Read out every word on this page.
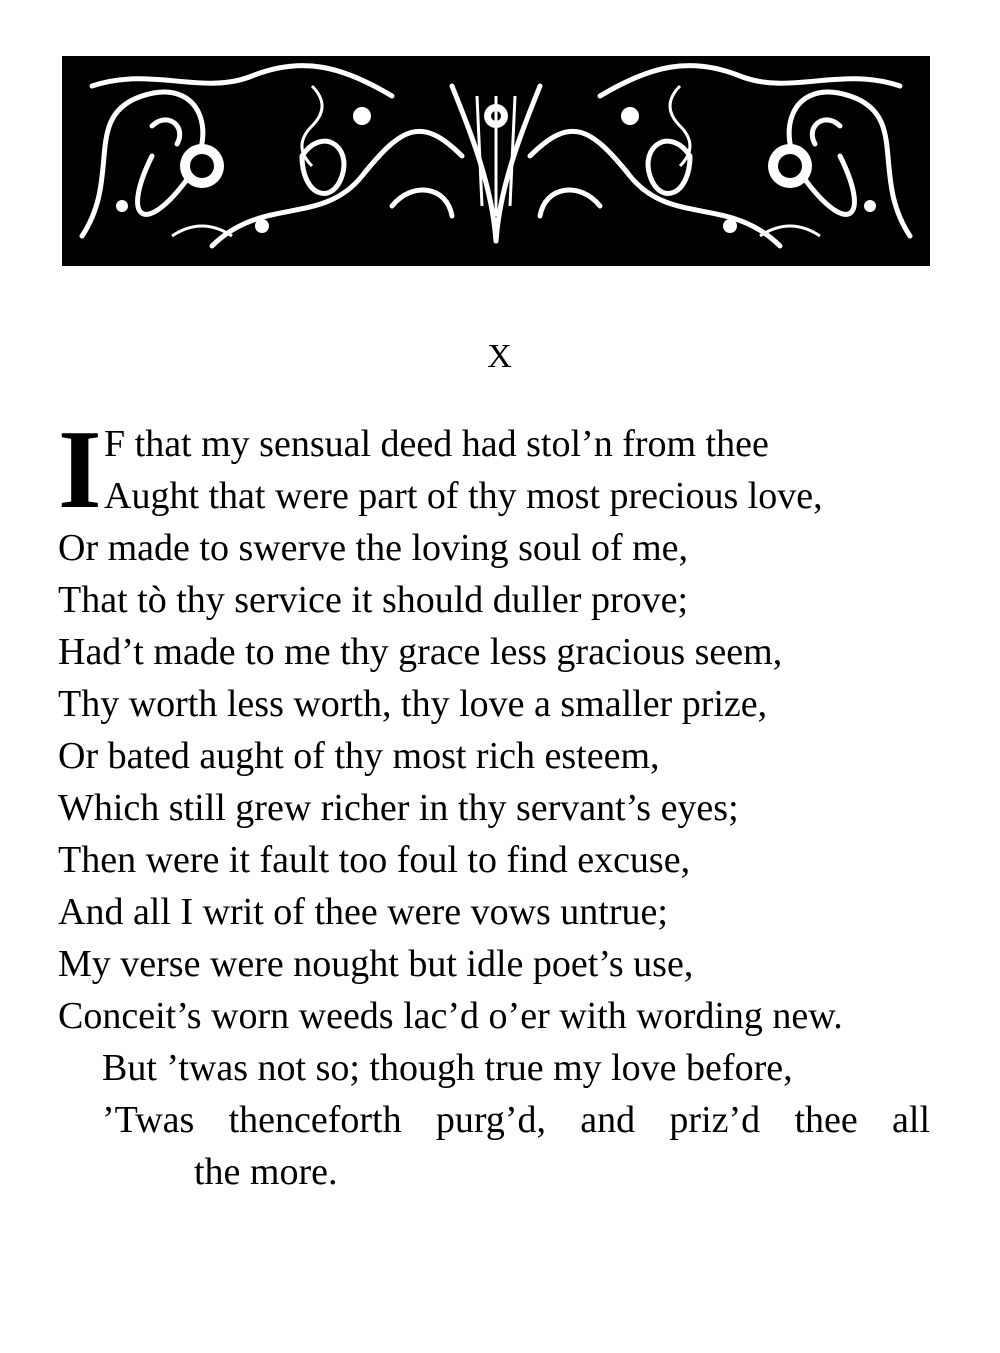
X
I F that my sensual deed had stol’n from thee
Aught that were part of thy most precious love,
Or made to swerve the loving soul of me,
That tò thy service it should duller prove;
Had’t made to me thy grace less gracious seem,
Thy worth less worth, thy love a smaller prize,
Or bated aught of thy most rich esteem,
Which still grew richer in thy servant’s eyes;
Then were it fault too foul to find excuse,
And all I writ of thee were vows untrue;
My verse were nought but idle poet’s use,
Conceit’s worn weeds lac’d o’er with wording new.
But ’twas not so; though true my love before,
’Twas thenceforth purg’d, and priz’d thee all
the more.
